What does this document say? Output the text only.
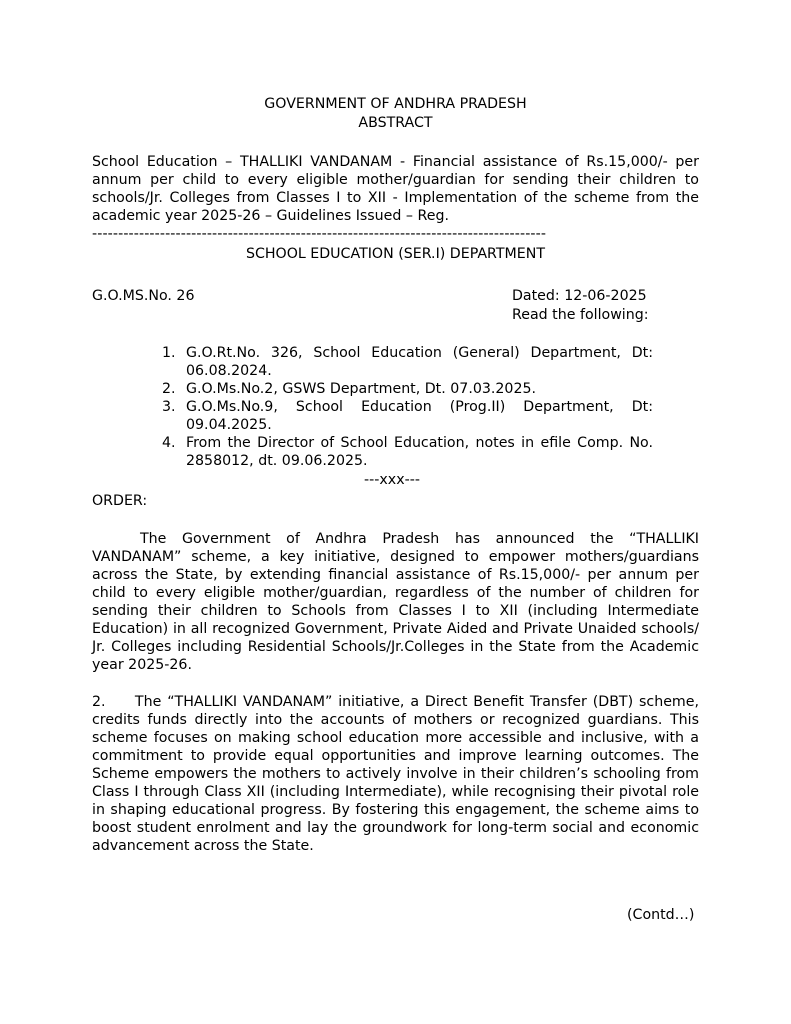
GOVERNMENT OF ANDHRA PRADESH
ABSTRACT
School Education – THALLIKI VANDANAM - Financial assistance of Rs.15,000/- per annum per child to every eligible mother/guardian for sending their children to schools/Jr. Colleges from Classes I to XII - Implementation of the scheme from the academic year 2025-26 – Guidelines Issued – Reg.
---------------------------------------------------------------------------------------
SCHOOL EDUCATION (SER.I) DEPARTMENT
G.O.MS.No. 26	Dated: 12-06-2025
Read the following:
1. G.O.Rt.No. 326, School Education (General) Department, Dt: 06.08.2024.
2. G.O.Ms.No.2, GSWS Department, Dt. 07.03.2025.
3. G.O.Ms.No.9, School Education (Prog.II) Department, Dt: 09.04.2025.
4. From the Director of School Education, notes in efile Comp. No. 2858012, dt. 09.06.2025.
---xxx---
ORDER:
The Government of Andhra Pradesh has announced the “THALLIKI VANDANAM” scheme, a key initiative, designed to empower mothers/guardians across the State, by extending financial assistance of Rs.15,000/- per annum per child to every eligible mother/guardian, regardless of the number of children for sending their children to Schools from Classes I to XII (including Intermediate Education) in all recognized Government, Private Aided and Private Unaided schools/ Jr. Colleges including Residential Schools/Jr.Colleges in the State from the Academic year 2025-26.
2.     The “THALLIKI VANDANAM” initiative, a Direct Benefit Transfer (DBT) scheme, credits funds directly into the accounts of mothers or recognized guardians. This scheme focuses on making school education more accessible and inclusive, with a commitment to provide equal opportunities and improve learning outcomes. The Scheme empowers the mothers to actively involve in their children’s schooling from Class I through Class XII (including Intermediate), while recognising their pivotal role in shaping educational progress. By fostering this engagement, the scheme aims to boost student enrolment and lay the groundwork for long-term social and economic advancement across the State.
(Contd…)
